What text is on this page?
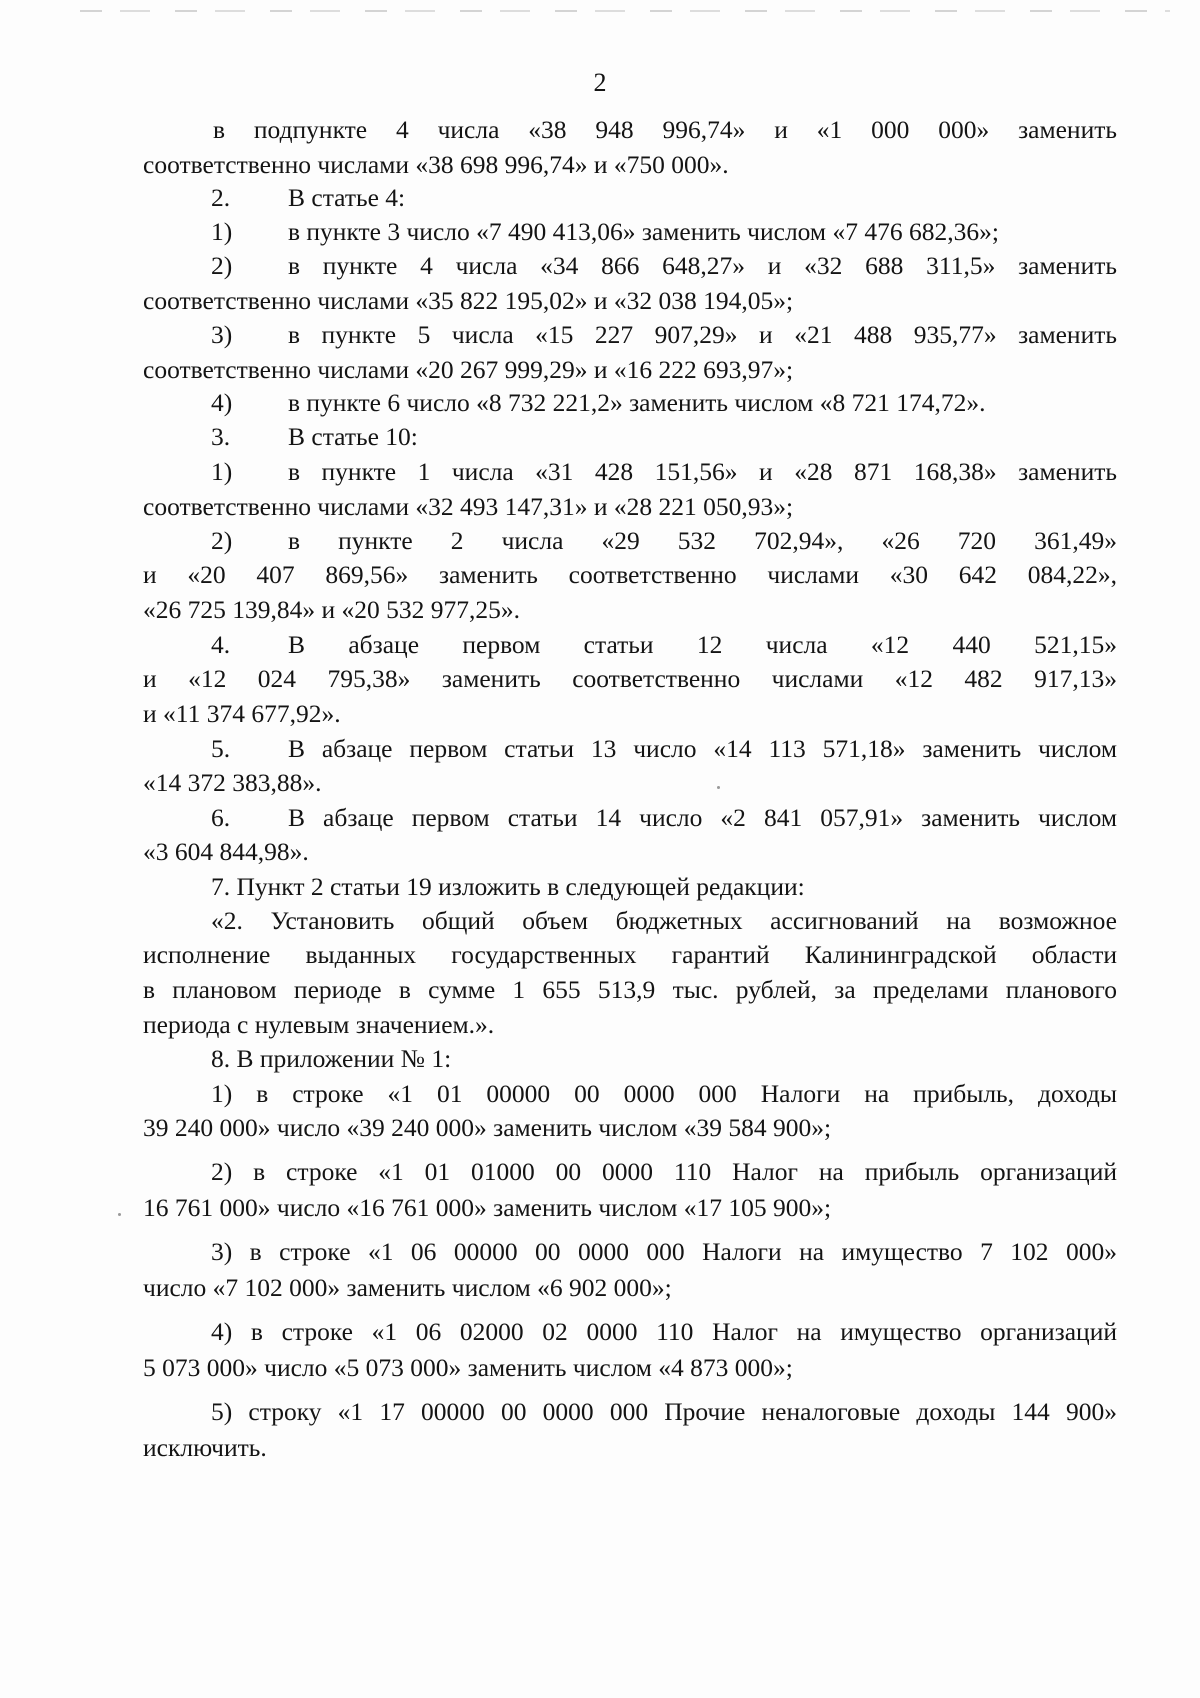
2
в подпункте 4 числа «38 948 996,74» и «1 000 000» заменить
соответственно числами «38 698 996,74» и «750 000».
2. В статье 4:
1) в пункте 3 число «7 490 413,06» заменить числом «7 476 682,36»;
2) в пункте 4 числа «34 866 648,27» и «32 688 311,5» заменить
соответственно числами «35 822 195,02» и «32 038 194,05»;
3) в пункте 5 числа «15 227 907,29» и «21 488 935,77» заменить
соответственно числами «20 267 999,29» и «16 222 693,97»;
4) в пункте 6 число «8 732 221,2» заменить числом «8 721 174,72».
3. В статье 10:
1) в пункте 1 числа «31 428 151,56» и «28 871 168,38» заменить
соответственно числами «32 493 147,31» и «28 221 050,93»;
2) в пункте 2 числа «29 532 702,94», «26 720 361,49»
и «20 407 869,56» заменить соответственно числами «30 642 084,22»,
«26 725 139,84» и «20 532 977,25».
4. В абзаце первом статьи 12 числа «12 440 521,15»
и «12 024 795,38» заменить соответственно числами «12 482 917,13»
и «11 374 677,92».
5. В абзаце первом статьи 13 число «14 113 571,18» заменить числом
«14 372 383,88».
6. В абзаце первом статьи 14 число «2 841 057,91» заменить числом
«3 604 844,98».
7. Пункт 2 статьи 19 изложить в следующей редакции:
«2. Установить общий объем бюджетных ассигнований на возможное
исполнение выданных государственных гарантий Калининградской области
в плановом периоде в сумме 1 655 513,9 тыс. рублей, за пределами планового
периода с нулевым значением.».
8. В приложении № 1:
1) в строке «1 01 00000 00 0000 000 Налоги на прибыль, доходы
39 240 000» число «39 240 000» заменить числом «39 584 900»;
2) в строке «1 01 01000 00 0000 110 Налог на прибыль организаций
16 761 000» число «16 761 000» заменить числом «17 105 900»;
3) в строке «1 06 00000 00 0000 000 Налоги на имущество 7 102 000»
число «7 102 000» заменить числом «6 902 000»;
4) в строке «1 06 02000 02 0000 110 Налог на имущество организаций
5 073 000» число «5 073 000» заменить числом «4 873 000»;
5) строку «1 17 00000 00 0000 000 Прочие неналоговые доходы 144 900»
исключить.
